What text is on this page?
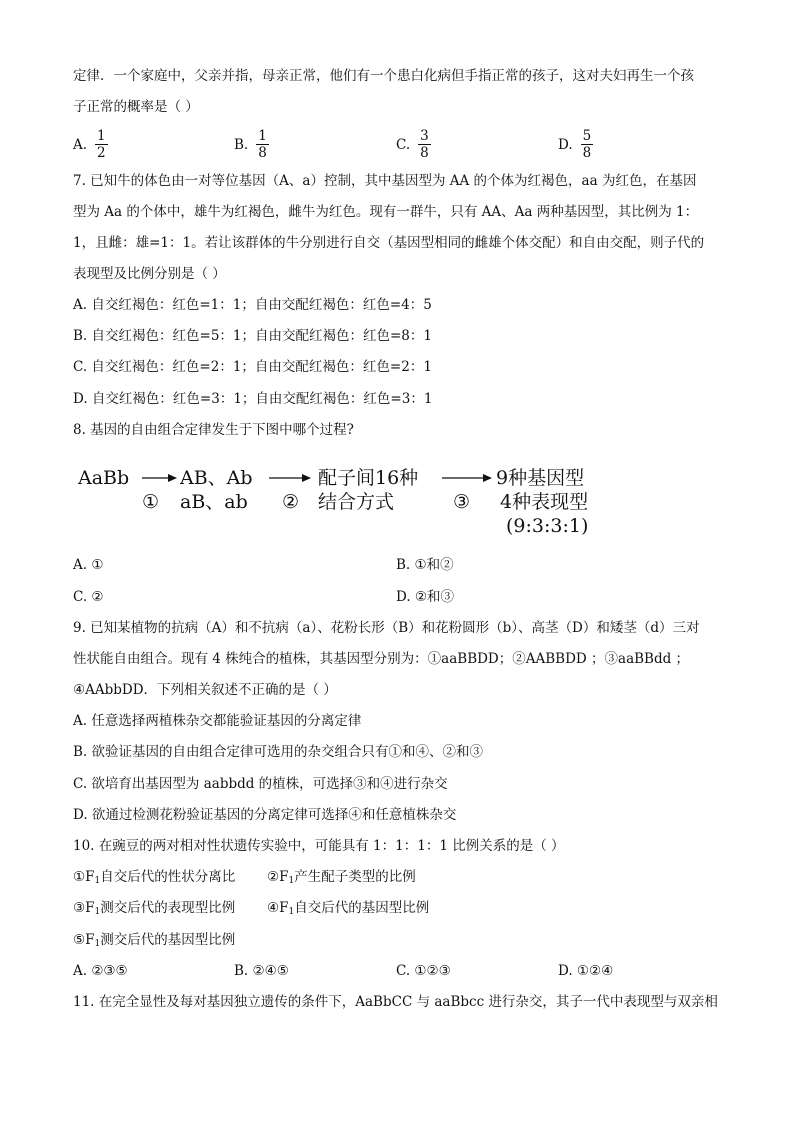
定律．一个家庭中，父亲并指，母亲正常，他们有一个患白化病但手指正常的孩子，这对夫妇再生一个孩
子正常的概率是（ ）
A. $\frac{1}{2}$	B. $\frac{1}{8}$	C. $\frac{3}{8}$	D. $\frac{5}{8}$
7. 已知牛的体色由一对等位基因（A、a）控制，其中基因型为 AA 的个体为红褐色，aa 为红色，在基因
型为 Aa 的个体中，雄牛为红褐色，雌牛为红色。现有一群牛，只有 AA、Aa 两种基因型，其比例为 1：
1，且雌：雄=1：1。若让该群体的牛分别进行自交（基因型相同的雌雄个体交配）和自由交配，则子代的
表现型及比例分别是（ ）
A. 自交红褐色：红色=1：1；自由交配红褐色：红色=4：5
B. 自交红褐色：红色=5：1；自由交配红褐色：红色=8：1
C. 自交红褐色：红色=2：1；自由交配红褐色：红色=2：1
D. 自交红褐色：红色=3：1；自由交配红褐色：红色=3：1
8. 基因的自由组合定律发生于下图中哪个过程?
AaBb
①
AB、Ab
aB、ab ②
配子间16种
结合方式	③
9种基因型
4种表现型
(9:3:3:1)
A. ①	B. ①和②
C. ②	D. ②和③
9. 已知某植物的抗病（A）和不抗病（a）、花粉长形（B）和花粉圆形（b）、高茎（D）和矮茎（d）三对
性状能自由组合。现有 4 株纯合的植株，其基因型分别为：①aaBBDD；②AABBDD ；③aaBBdd ；
④AAbbDD．下列相关叙述不正确的是（ ）
A. 任意选择两植株杂交都能验证基因的分离定律
B. 欲验证基因的自由组合定律可选用的杂交组合只有①和④、②和③
C. 欲培育出基因型为 aabbdd 的植株，可选择③和④进行杂交
D. 欲通过检测花粉验证基因的分离定律可选择④和任意植株杂交
10. 在豌豆的两对相对性状遗传实验中，可能具有 1：1：1：1 比例关系的是（ ）
$①F_1$自交后代的性状分离比 $②F_1$产生配子类型的比例
$③F_1$测交后代的表现型比例 $④F_1$自交后代的基因型比例
$⑤F_1$测交后代的基因型比例
A. ②③⑤	B. ②④⑤	C. ①②③	D. ①②④
11. 在完全显性及每对基因独立遗传的条件下，AaBbCC 与 aaBbcc 进行杂交，其子一代中表现型与双亲相
